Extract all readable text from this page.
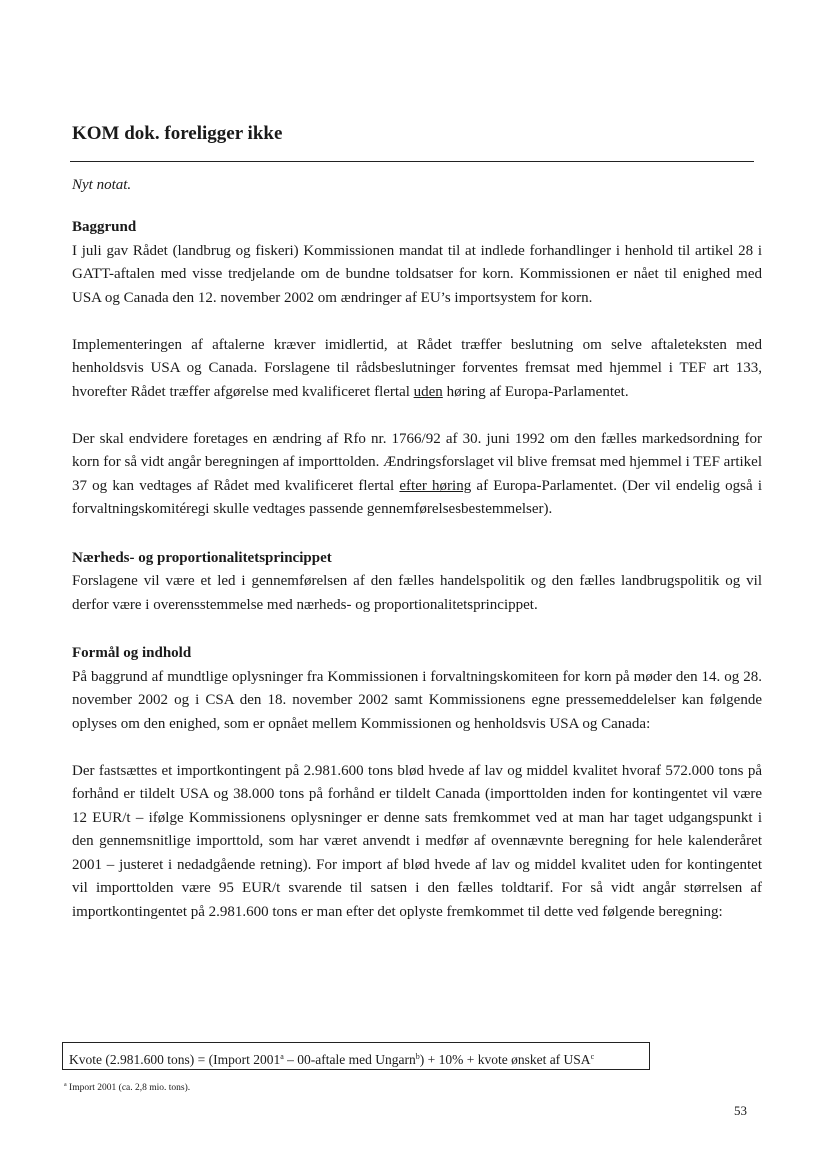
KOM dok. foreligger ikke
Nyt notat.
Baggrund

I juli gav Rådet (landbrug og fiskeri) Kommissionen mandat til at indlede forhandlinger i henhold til artikel 28 i GATT-aftalen med visse tredjelande om de bundne toldsatser for korn. Kommissionen er nået til enighed med USA og Canada den 12. november 2002 om ændringer af EU’s importsystem for korn.

Implementeringen af aftalerne kræver imidlertid, at Rådet træffer beslutning om selve aftaleteksten med henholdsvis USA og Canada. Forslagene til rådsbeslutninger forventes fremsat med hjemmel i TEF art 133, hvorefter Rådet træffer afgørelse med kvalificeret flertal uden høring af Europa-Parlamentet.

Der skal endvidere foretages en ændring af Rfo nr. 1766/92 af 30. juni 1992 om den fælles markedsordning for korn for så vidt angår beregningen af importtolden. Ændringsforslaget vil blive fremsat med hjemmel i TEF artikel 37 og kan vedtages af Rådet med kvalificeret flertal efter høring af Europa-Parlamentet. (Der vil endelig også i forvaltningskomitéregi skulle vedtages passende gennemførelsesbestemmelser).

Nærheds- og proportionalitetsprincippet

Forslagene vil være et led i gennemførelsen af den fælles handelspolitik og den fælles landbrugspolitik og vil derfor være i overensstemmelse med nærheds- og proportionalitetsprincippet.

Formål og indhold

På baggrund af mundtlige oplysninger fra Kommissionen i forvaltningskomiteen for korn på møder den 14. og 28. november 2002 og i CSA den 18. november 2002 samt Kommissionens egne pressemeddelelser kan følgende oplyses om den enighed, som er opnået mellem Kommissionen og henholdsvis USA og Canada:

Der fastsættes et importkontingent på 2.981.600 tons blød hvede af lav og middel kvalitet hvoraf 572.000 tons på forhånd er tildelt USA og 38.000 tons på forhånd er tildelt Canada (importtolden inden for kontingentet vil være 12 EUR/t – ifølge Kommissionens oplysninger er denne sats fremkommet ved at man har taget udgangspunkt i den gennemsnitlige importtold, som har været anvendt i medfør af ovennævnte beregning for hele kalenderåret 2001 – justeret i nedadgående retning). For import af blød hvede af lav og middel kvalitet uden for kontingentet vil importtolden være 95 EUR/t svarende til satsen i den fælles toldtarif. For så vidt angår størrelsen af importkontingentet på 2.981.600 tons er man efter det oplyste fremkommet til dette ved følgende beregning:

Kvote (2.981.600 tons) = (Import 2001$^a$ – 00-aftale med Ungarn$^b$) + 10% + kvote ønsket af USA$^c$
$^a$ Import 2001 (ca. 2,8 mio. tons).
53
